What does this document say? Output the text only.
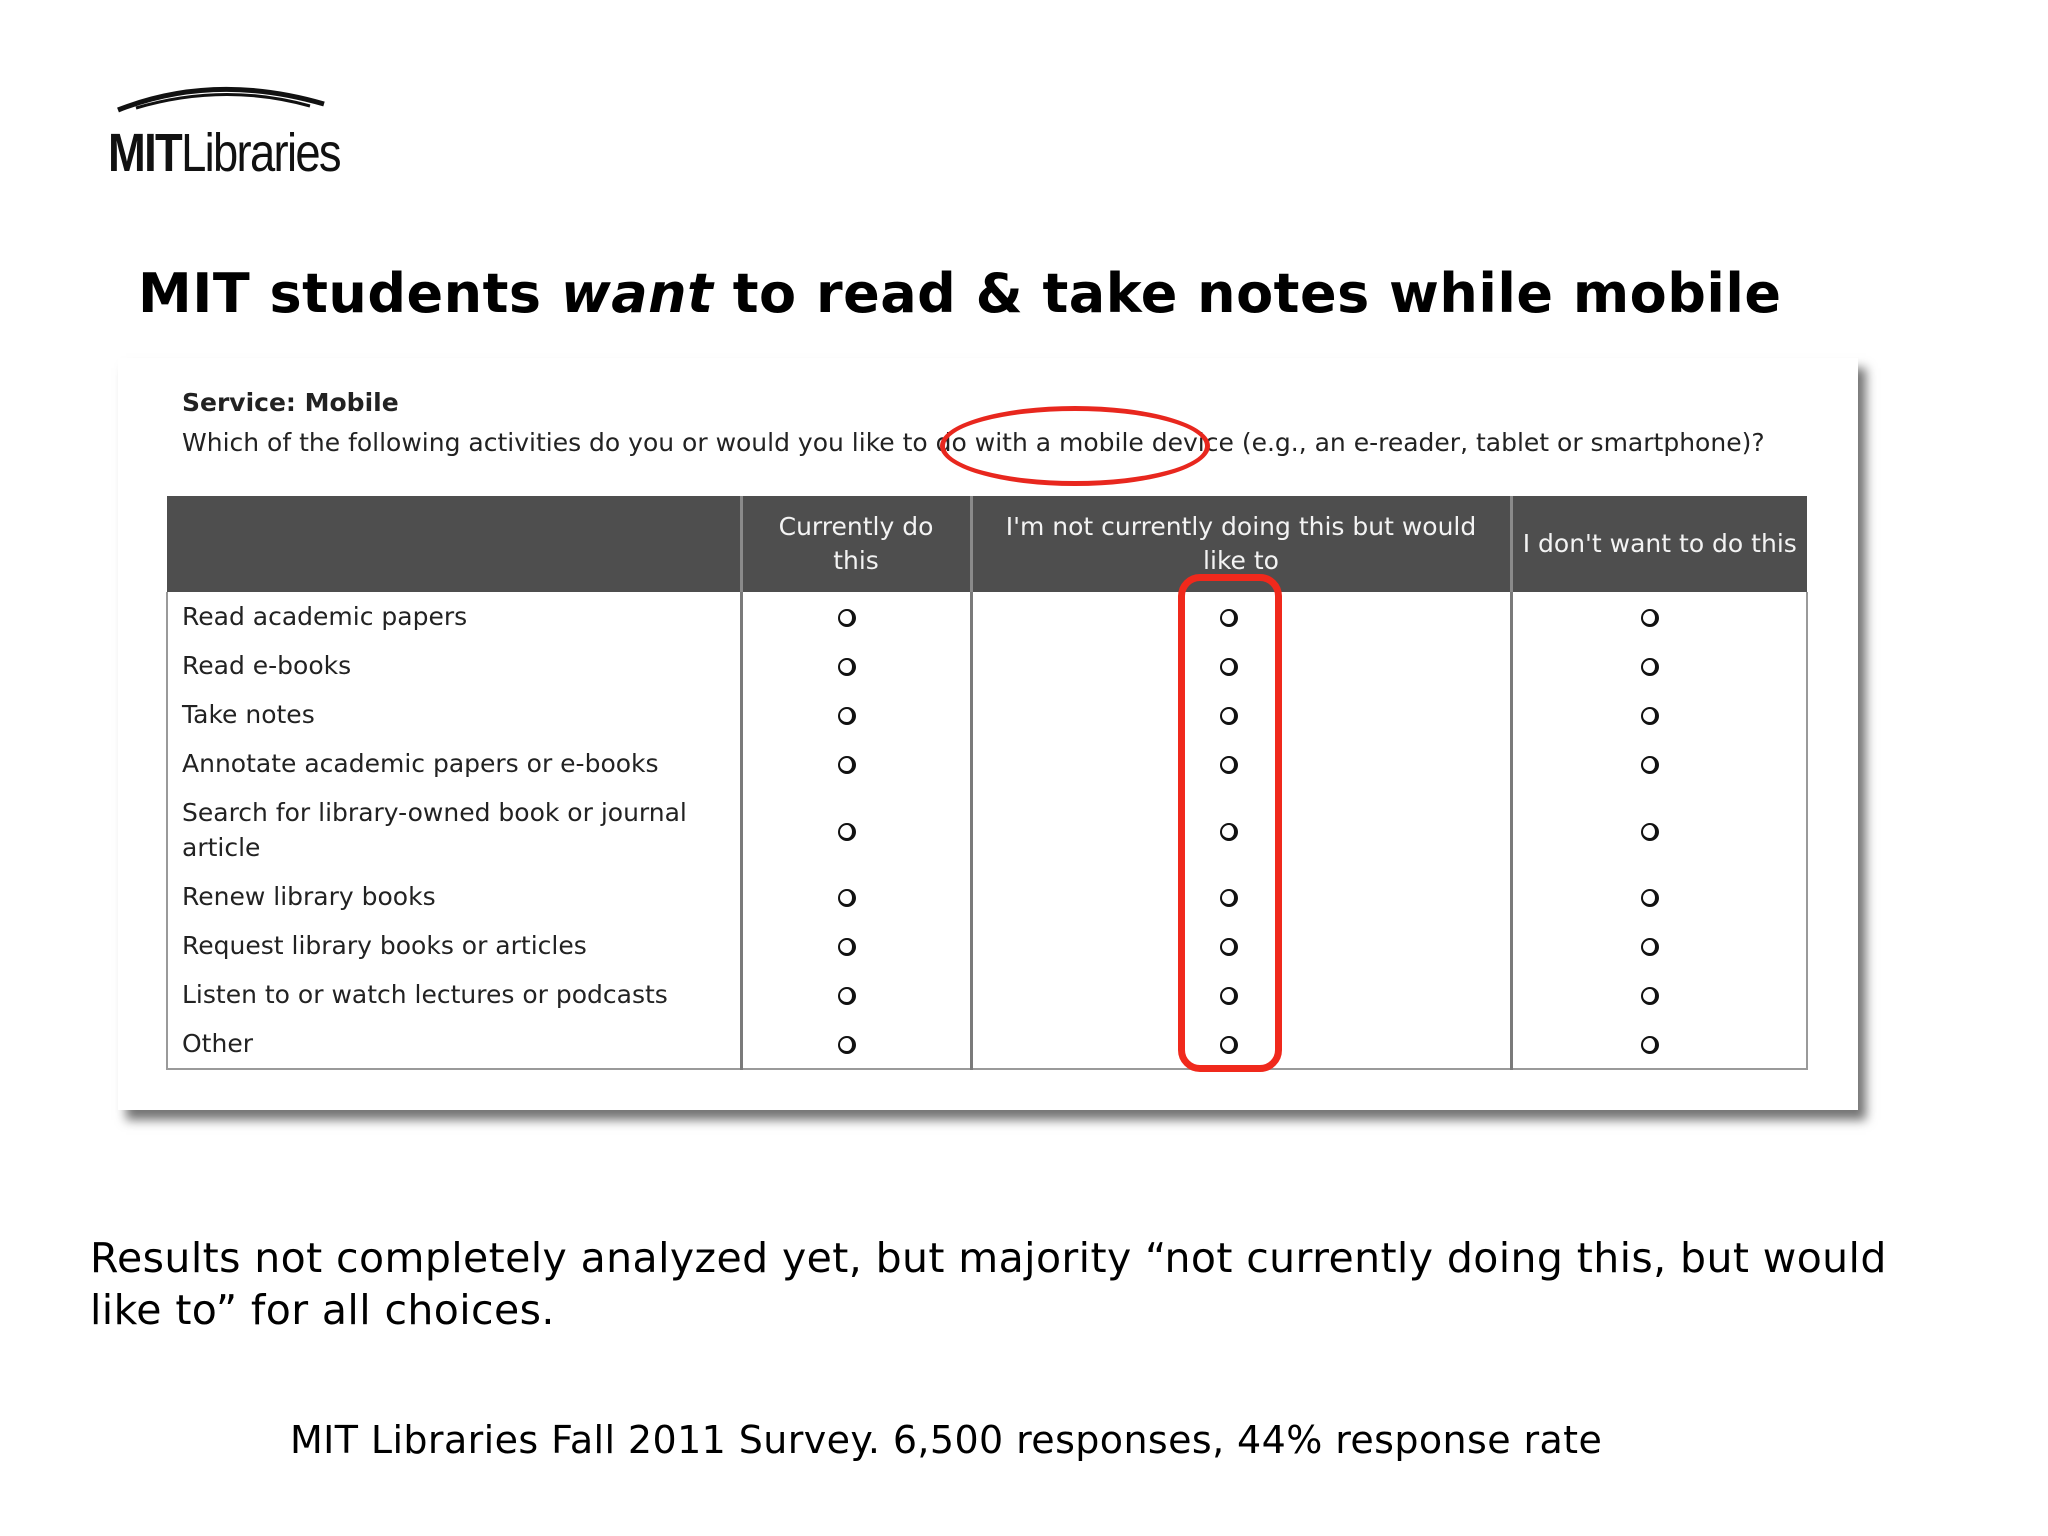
MITLibraries
MIT students want to read & take notes while mobile
Service: Mobile
Which of the following activities do you or would you like to do with a mobile device (e.g., an e-reader, tablet or smartphone)?
	Currently do this	I'm not currently doing this but would like to	I don't want to do this
Read academic papers			
Read e-books			
Take notes			
Annotate academic papers or e-books			
Search for library-owned book or journal article			
Renew library books			
Request library books or articles			
Listen to or watch lectures or podcasts			
Other			

Results not completely analyzed yet, but majority “not currently doing this, but would like to” for all choices.

MIT Libraries Fall 2011 Survey. 6,500 responses, 44% response rate
